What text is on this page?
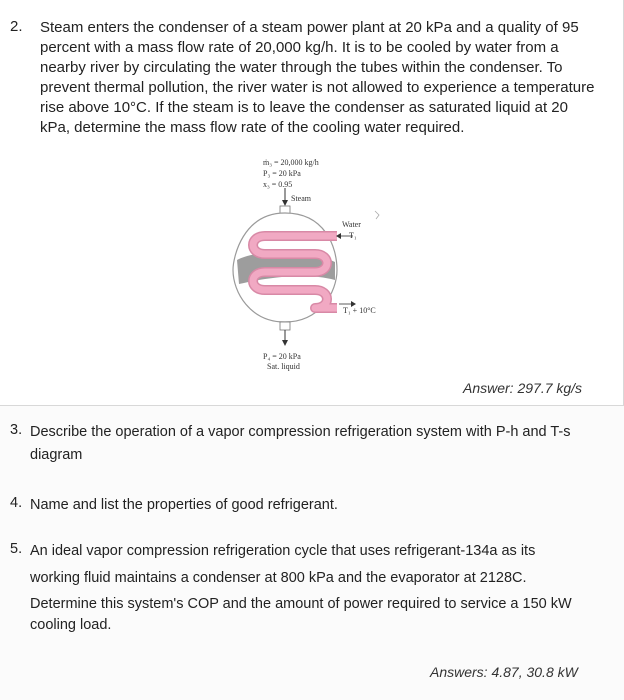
2. Steam enters the condenser of a steam power plant at 20 kPa and a quality of 95 percent with a mass flow rate of 20,000 kg/h. It is to be cooled by water from a nearby river by circulating the water through the tubes within the condenser. To prevent thermal pollution, the river water is not allowed to experience a temperature rise above 10°C. If the steam is to leave the condenser as saturated liquid at 20 kPa, determine the mass flow rate of the cooling water required.

ṁ₃ = 20,000 kg/h
P₃ = 20 kPa
x₃ = 0.95
Steam
Water
T₁
T₁ + 10°C
P₄ = 20 kPa
Sat. liquid
Answer: 297.7 kg/s
3. Describe the operation of a vapor compression refrigeration system with P-h and T-s

diagram

4. Name and list the properties of good refrigerant.

5. An ideal vapor compression refrigeration cycle that uses refrigerant-134a as its

working fluid maintains a condenser at 800 kPa and the evaporator at 2128C.

Determine this system's COP and the amount of power required to service a 150 kW

cooling load.

Answers: 4.87, 30.8 kW
